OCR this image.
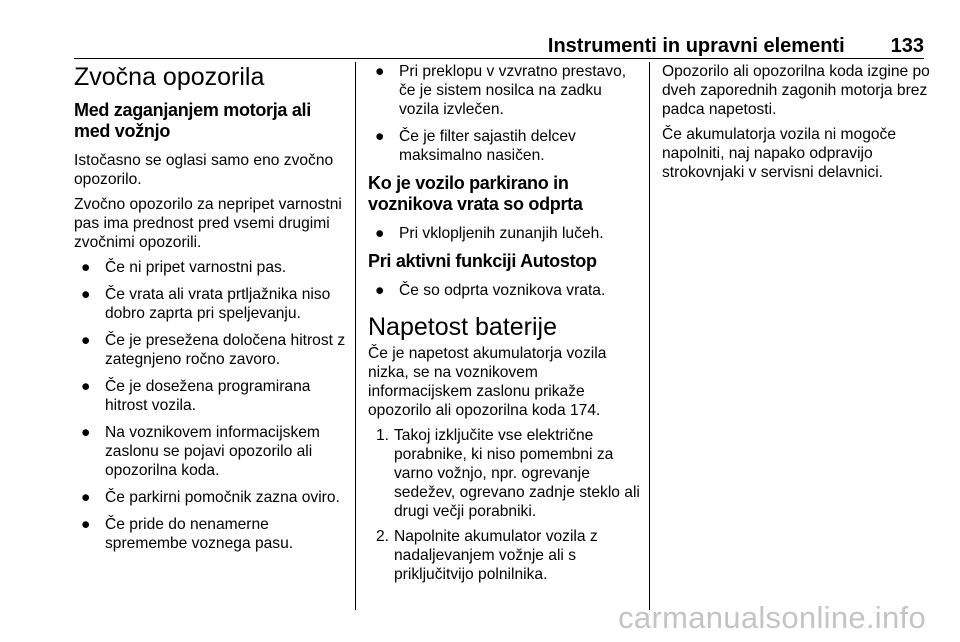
Instrumenti in upravni elementi 133
Zvočna opozorila
Med zaganjanjem motorja ali med vožnjo

Istočasno se oglasi samo eno zvočno opozorilo.

Zvočno opozorilo za nepripet varnostni pas ima prednost pred vsemi drugimi zvočnimi opozorili.

● Če ni pripet varnostni pas.
● Če vrata ali vrata prtljažnika niso dobro zaprta pri speljevanju.
● Če je presežena določena hitrost z zategnjeno ročno zavoro.
● Če je dosežena programirana hitrost vozila.
● Na voznikovem informacijskem zaslonu se pojavi opozorilo ali opozorilna koda.
● Če parkirni pomočnik zazna oviro.
● Če pride do nenamerne spremembe voznega pasu.
● Pri preklopu v vzvratno prestavo, če je sistem nosilca na zadku vozila izvlečen.
● Če je filter sajastih delcev maksimalno nasičen.
Ko je vozilo parkirano in voznikova vrata so odprta
● Pri vklopljenih zunanjih lučeh.
Pri aktivni funkciji Autostop
● Če so odprta voznikova vrata.
Napetost baterije

Če je napetost akumulatorja vozila nizka, se na voznikovem informacijskem zaslonu prikaže opozorilo ali opozorilna koda 174.

1. Takoj izključite vse električne porabnike, ki niso pomembni za varno vožnjo, npr. ogrevanje sedežev, ogrevano zadnje steklo ali drugi večji porabniki.
2. Napolnite akumulator vozila z nadaljevanjem vožnje ali s priključitvijo polnilnika.

Opozorilo ali opozorilna koda izgine po dveh zaporednih zagonih motorja brez padca napetosti.

Če akumulatorja vozila ni mogoče napolniti, naj napako odpravijo strokovnjaki v servisni delavnici.

carmanualsonline.info
